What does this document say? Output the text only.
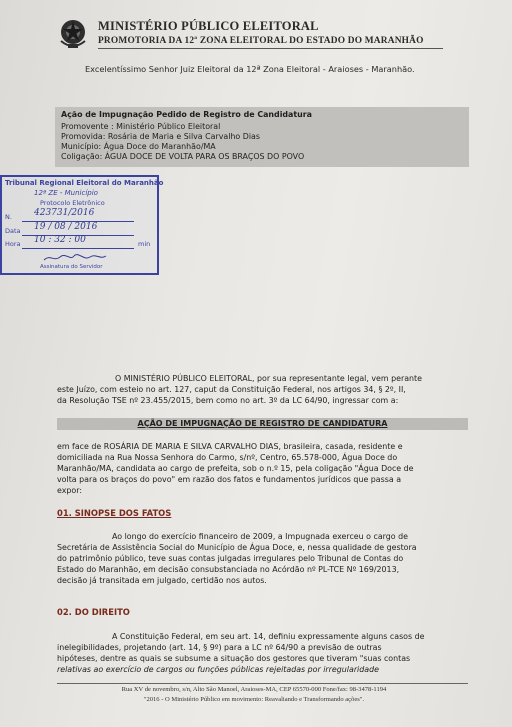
MINISTÉRIO PÚBLICO ELEITORAL
PROMOTORIA DA 12ª ZONA ELEITORAL DO ESTADO DO MARANHÃO
Excelentíssimo Senhor Juiz Eleitoral da 12ª Zona Eleitoral - Araioses - Maranhão.
Ação de Impugnação Pedido de Registro de Candidatura
Promovente : Ministério Público Eleitoral
Promovida: Rosária de Maria e Silva Carvalho Dias
Município: Água Doce do Maranhão/MA
Coligação: ÁGUA DOCE DE VOLTA PARA OS BRAÇOS DO POVO
Tribunal Regional Eleitoral do Maranhão
12ª ZE - Município
Protocolo Eletrônico
N. 423731/2016
Data 19 / 08 / 2016
Hora 10 : 32 : 00	min
Assinatura do Servidor
O MINISTÉRIO PÚBLICO ELEITORAL, por sua representante legal, vem perante
este Juízo, com esteio no art. 127, caput da Constituição Federal, nos artigos 34, § 2º, II,
da Resolução TSE nº 23.455/2015, bem como no art. 3º da LC 64/90, ingressar com a:
AÇÃO DE IMPUGNAÇÃO DE REGISTRO DE CANDIDATURA
em face de ROSÁRIA DE MARIA E SILVA CARVALHO DIAS, brasileira, casada, residente e
domiciliada na Rua Nossa Senhora do Carmo, s/nº, Centro, 65.578-000, Água Doce do
Maranhão/MA, candidata ao cargo de prefeita, sob o n.º 15, pela coligação "Água Doce de
volta para os braços do povo" em razão dos fatos e fundamentos jurídicos que passa a
expor:
01. SINOPSE DOS FATOS
Ao longo do exercício financeiro de 2009, a Impugnada exerceu o cargo de
Secretária de Assistência Social do Município de Água Doce, e, nessa qualidade de gestora
do patrimônio público, teve suas contas julgadas irregulares pelo Tribunal de Contas do
Estado do Maranhão, em decisão consubstanciada no Acórdão nº PL-TCE Nº 169/2013,
decisão já transitada em julgado, certidão nos autos.
02. DO DIREITO
A Constituição Federal, em seu art. 14, definiu expressamente alguns casos de
inelegibilidades, projetando (art. 14, § 9º) para a LC nº 64/90 a previsão de outras
hipóteses, dentre as quais se subsume a situação dos gestores que tiveram "suas contas
relativas ao exercício de cargos ou funções públicas rejeitadas por irregularidade
Rua XV de novembro, s/n, Alto São Manoel, Araioses-MA, CEP 65570-000 Fone/fax: 98-3478-1194
"2016 - O Ministério Público em movimento: Reavaliando e Transformando ações".
